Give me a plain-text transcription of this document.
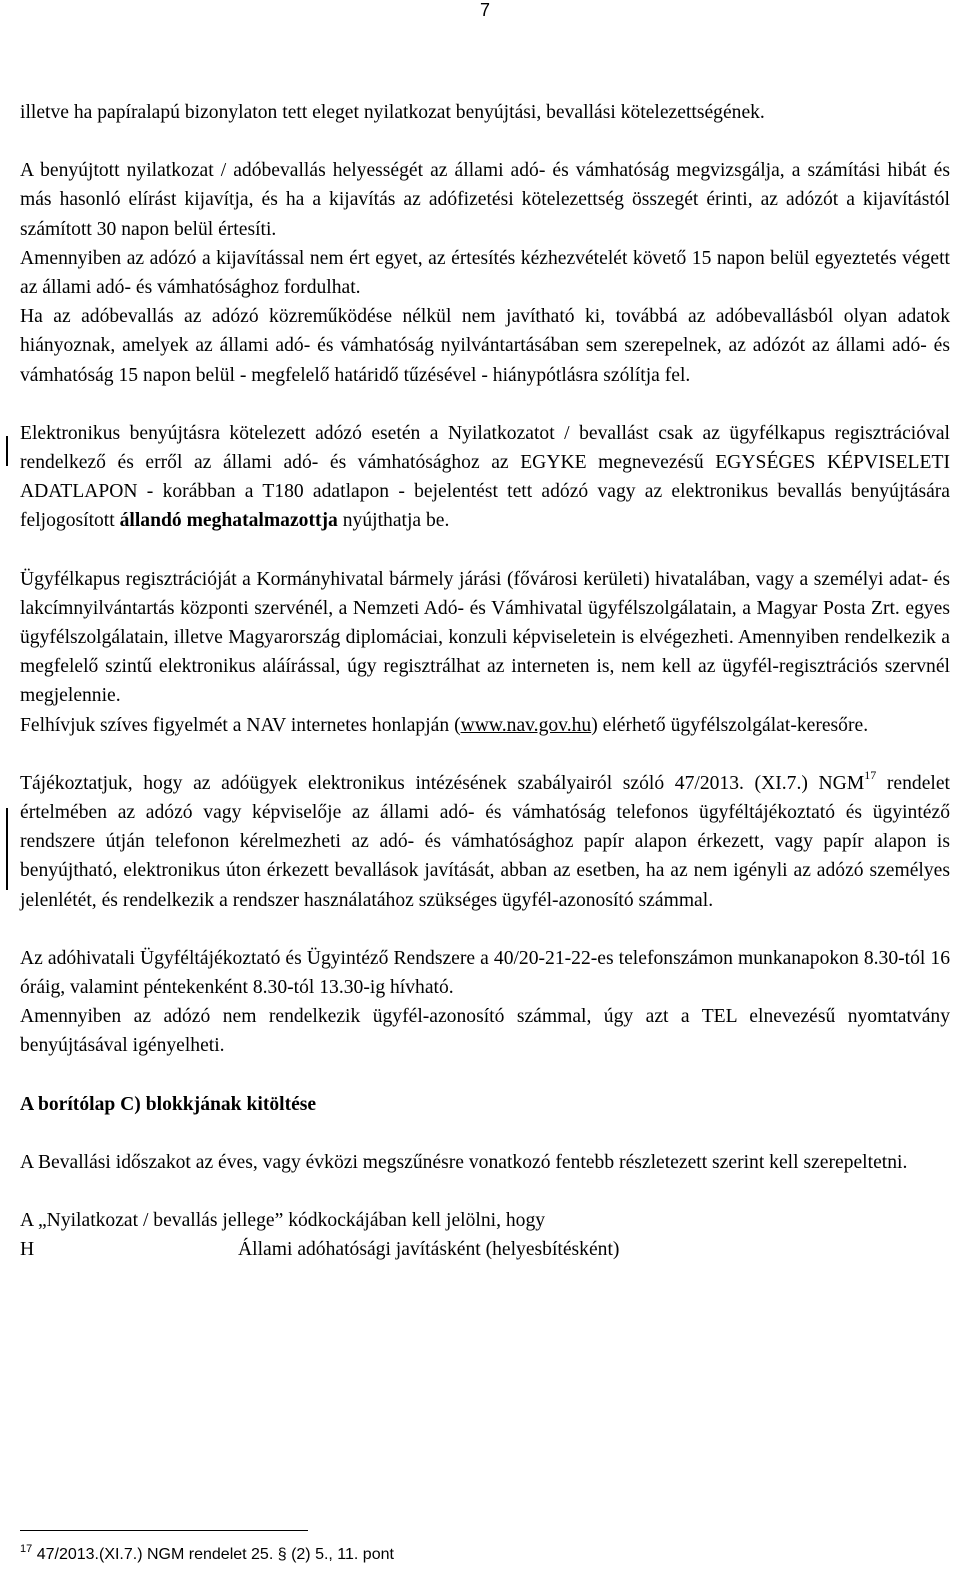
7

illetve ha papíralapú bizonylaton tett eleget nyilatkozat benyújtási, bevallási kötelezettségének.

A benyújtott nyilatkozat / adóbevallás helyességét az állami adó- és vámhatóság megvizsgálja, a számítási hibát és más hasonló elírást kijavítja, és ha a kijavítás az adófizetési kötelezettség összegét érinti, az adózót a kijavítástól számított 30 napon belül értesíti.

Amennyiben az adózó a kijavítással nem ért egyet, az értesítés kézhezvételét követő 15 napon belül egyeztetés végett az állami adó- és vámhatósághoz fordulhat.

Ha az adóbevallás az adózó közreműködése nélkül nem javítható ki, továbbá az adóbevallásból olyan adatok hiányoznak, amelyek az állami adó- és vámhatóság nyilvántartásában sem szerepelnek, az adózót az állami adó- és vámhatóság 15 napon belül - megfelelő határidő tűzésével - hiánypótlásra szólítja fel.

Elektronikus benyújtásra kötelezett adózó esetén a Nyilatkozatot / bevallást csak az ügyfélkapus regisztrációval rendelkező és erről az állami adó- és vámhatósághoz az EGYKE megnevezésű EGYSÉGES KÉPVISELETI ADATLAPON - korábban a T180 adatlapon - bejelentést tett adózó vagy az elektronikus bevallás benyújtására feljogosított állandó meghatalmazottja nyújthatja be.

Ügyfélkapus regisztrációját a Kormányhivatal bármely járási (fővárosi kerületi) hivatalában, vagy a személyi adat- és lakcímnyilvántartás központi szervénél, a Nemzeti Adó- és Vámhivatal ügyfélszolgálatain, a Magyar Posta Zrt. egyes ügyfélszolgálatain, illetve Magyarország diplomáciai, konzuli képviseletein is elvégezheti. Amennyiben rendelkezik a megfelelő szintű elektronikus aláírással, úgy regisztrálhat az interneten is, nem kell az ügyfél-regisztrációs szervnél megjelennie.

Felhívjuk szíves figyelmét a NAV internetes honlapján (www.nav.gov.hu) elérhető ügyfélszolgálat-keresőre.

Tájékoztatjuk, hogy az adóügyek elektronikus intézésének szabályairól szóló 47/2013. (XI.7.) NGM$^{17}$ rendelet értelmében az adózó vagy képviselője az állami adó- és vámhatóság telefonos ügyféltájékoztató és ügyintéző rendszere útján telefonon kérelmezheti az adó- és vámhatósághoz papír alapon érkezett, vagy papír alapon is benyújtható, elektronikus úton érkezett bevallások javítását, abban az esetben, ha az nem igényli az adózó személyes jelenlétét, és rendelkezik a rendszer használatához szükséges ügyfél-azonosító számmal.

Az adóhivatali Ügyféltájékoztató és Ügyintéző Rendszere a 40/20-21-22-es telefonszámon munkanapokon 8.30-tól 16 óráig, valamint péntekenként 8.30-tól 13.30-ig hívható.

Amennyiben az adózó nem rendelkezik ügyfél-azonosító számmal, úgy azt a TEL elnevezésű nyomtatvány benyújtásával igényelheti.

A borítólap C) blokkjának kitöltése

A Bevallási időszakot az éves, vagy évközi megszűnésre vonatkozó fentebb részletezett szerint kell szerepeltetni.

A „Nyilatkozat / bevallás jellege” kódkockájában kell jelölni, hogy

H	Állami adóhatósági javításként (helyesbítésként)
$^{17}$ 47/2013.(XI.7.) NGM rendelet 25. § (2) 5., 11. pont
